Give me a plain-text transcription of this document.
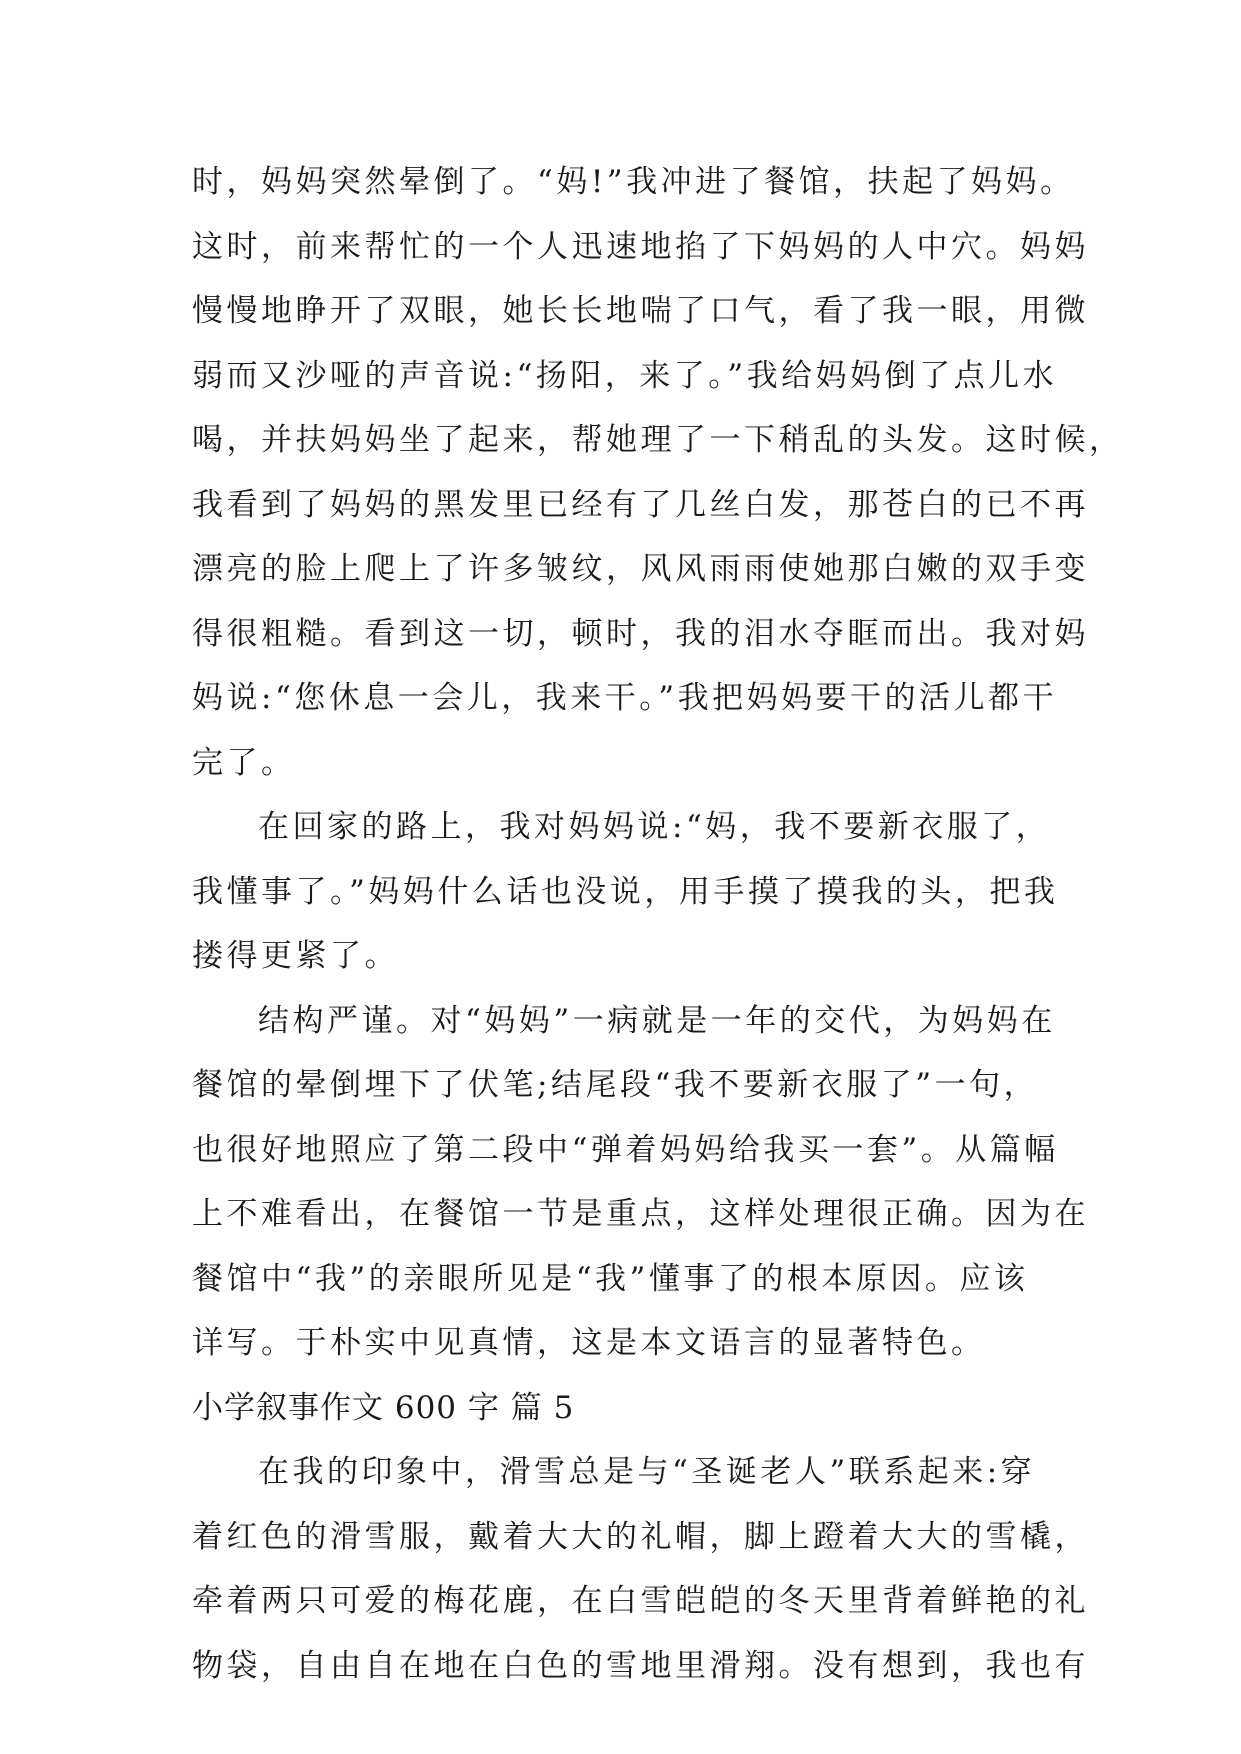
时，妈妈突然晕倒了。“妈!”我冲进了餐馆，扶起了妈妈。
这时，前来帮忙的一个人迅速地掐了下妈妈的人中穴。妈妈
慢慢地睁开了双眼，她长长地喘了口气，看了我一眼，用微
弱而又沙哑的声音说:“扬阳，来了。”我给妈妈倒了点儿水
喝，并扶妈妈坐了起来，帮她理了一下稍乱的头发。这时候，
我看到了妈妈的黑发里已经有了几丝白发，那苍白的已不再
漂亮的脸上爬上了许多皱纹，风风雨雨使她那白嫩的双手变
得很粗糙。看到这一切，顿时，我的泪水夺眶而出。我对妈
妈说:“您休息一会儿，我来干。”我把妈妈要干的活儿都干
完了。
在回家的路上，我对妈妈说:“妈，我不要新衣服了，
我懂事了。”妈妈什么话也没说，用手摸了摸我的头，把我
搂得更紧了。
结构严谨。对“妈妈”一病就是一年的交代，为妈妈在
餐馆的晕倒埋下了伏笔;结尾段“我不要新衣服了”一句，
也很好地照应了第二段中“弹着妈妈给我买一套”。从篇幅
上不难看出，在餐馆一节是重点，这样处理很正确。因为在
餐馆中“我”的亲眼所见是“我”懂事了的根本原因。应该
详写。于朴实中见真情，这是本文语言的显著特色。
小学叙事作文 600 字 篇 5
在我的印象中，滑雪总是与“圣诞老人”联系起来:穿
着红色的滑雪服，戴着大大的礼帽，脚上蹬着大大的雪橇，
牵着两只可爱的梅花鹿，在白雪皑皑的冬天里背着鲜艳的礼
物袋，自由自在地在白色的雪地里滑翔。没有想到，我也有
